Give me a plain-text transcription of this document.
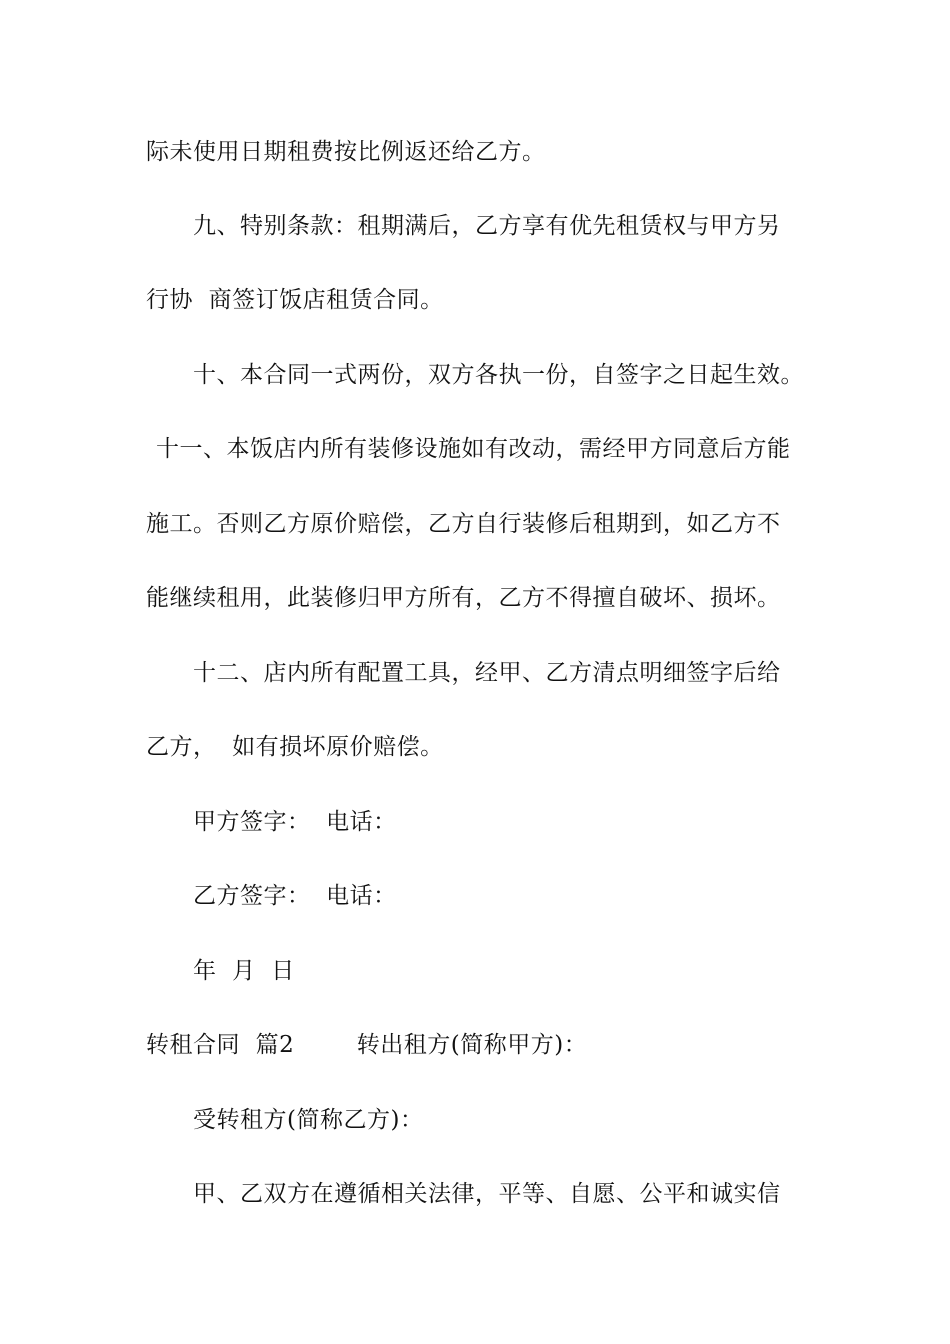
际未使用日期租费按比例返还给乙方。
九、特别条款：租期满后，乙方享有优先租赁权与甲方另
行协  商签订饭店租赁合同。
十、本合同一式两份，双方各执一份，自签字之日起生效。
十一、本饭店内所有装修设施如有改动，需经甲方同意后方能
施工。否则乙方原价赔偿，乙方自行装修后租期到，如乙方不
能继续租用，此装修归甲方所有，乙方不得擅自破坏、损坏。
十二、店内所有配置工具，经甲、乙方清点明细签字后给
乙方，  如有损坏原价赔偿。
甲方签字：  电话：
乙方签字：  电话：
年  月  日
转租合同  篇2        转出租方(简称甲方)：
受转租方(简称乙方)：
甲、乙双方在遵循相关法律，平等、自愿、公平和诚实信
